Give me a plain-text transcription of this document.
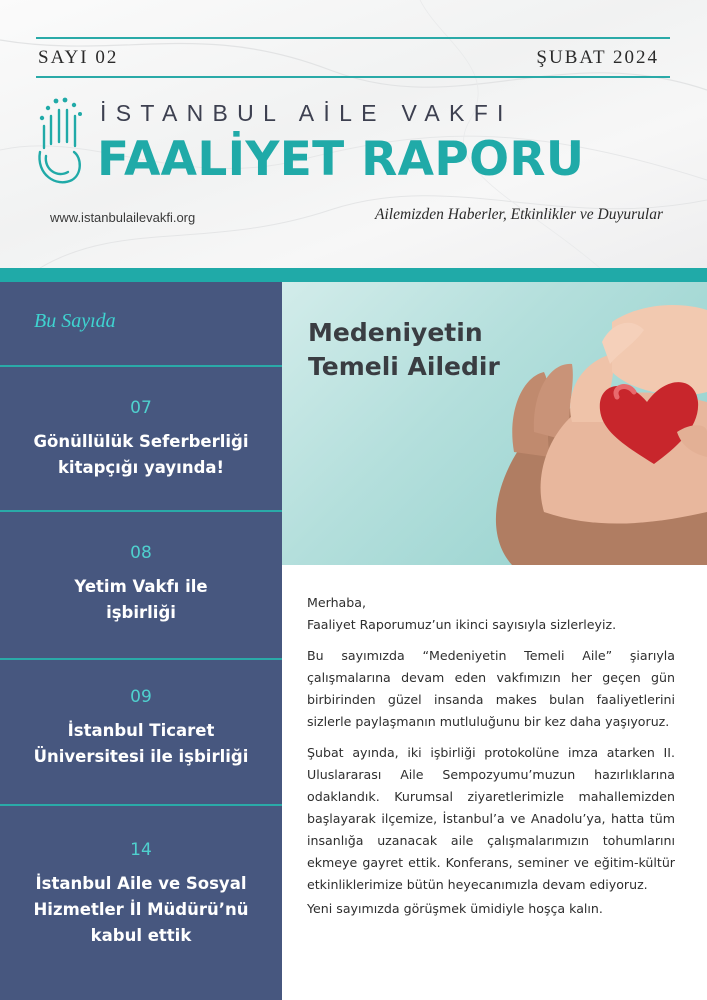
SAYI 02	ŞUBAT 2024
İSTANBUL AİLE VAKFI
FAALİYET RAPORU
www.istanbulailevakfi.org	Ailemizden Haberler, Etkinlikler ve Duyurular
Bu Sayıda
07
Gönüllülük Seferberliği kitapçığı yayında!
08
Yetim Vakfı ile işbirliği
09
İstanbul Ticaret Üniversitesi ile işbirliği
14
İstanbul Aile ve Sosyal Hizmetler İl Müdürü’nü kabul ettik
Medeniyetin Temeli Ailedir

Merhaba,
Faaliyet Raporumuz’un ikinci sayısıyla sizlerleyiz.

Bu sayımızda “Medeniyetin Temeli Aile” şiarıyla çalışmalarına devam eden vakfımızın her geçen gün birbirinden güzel insanda makes bulan faaliyetlerini sizlerle paylaşmanın mutluluğunu bir kez daha yaşıyoruz.

Şubat ayında, iki işbirliği protokolüne imza atarken II. Uluslararası Aile Sempozyumu’muzun hazırlıklarına odaklandık. Kurumsal ziyaretlerimizle mahallemizden başlayarak ilçemize, İstanbul’a ve Anadolu’ya, hatta tüm insanlığa uzanacak aile çalışmalarımızın tohumlarını ekmeye gayret ettik. Konferans, seminer ve eğitim-kültür etkinliklerimize bütün heyecanımızla devam ediyoruz.

Yeni sayımızda görüşmek ümidiyle hoşça kalın.
